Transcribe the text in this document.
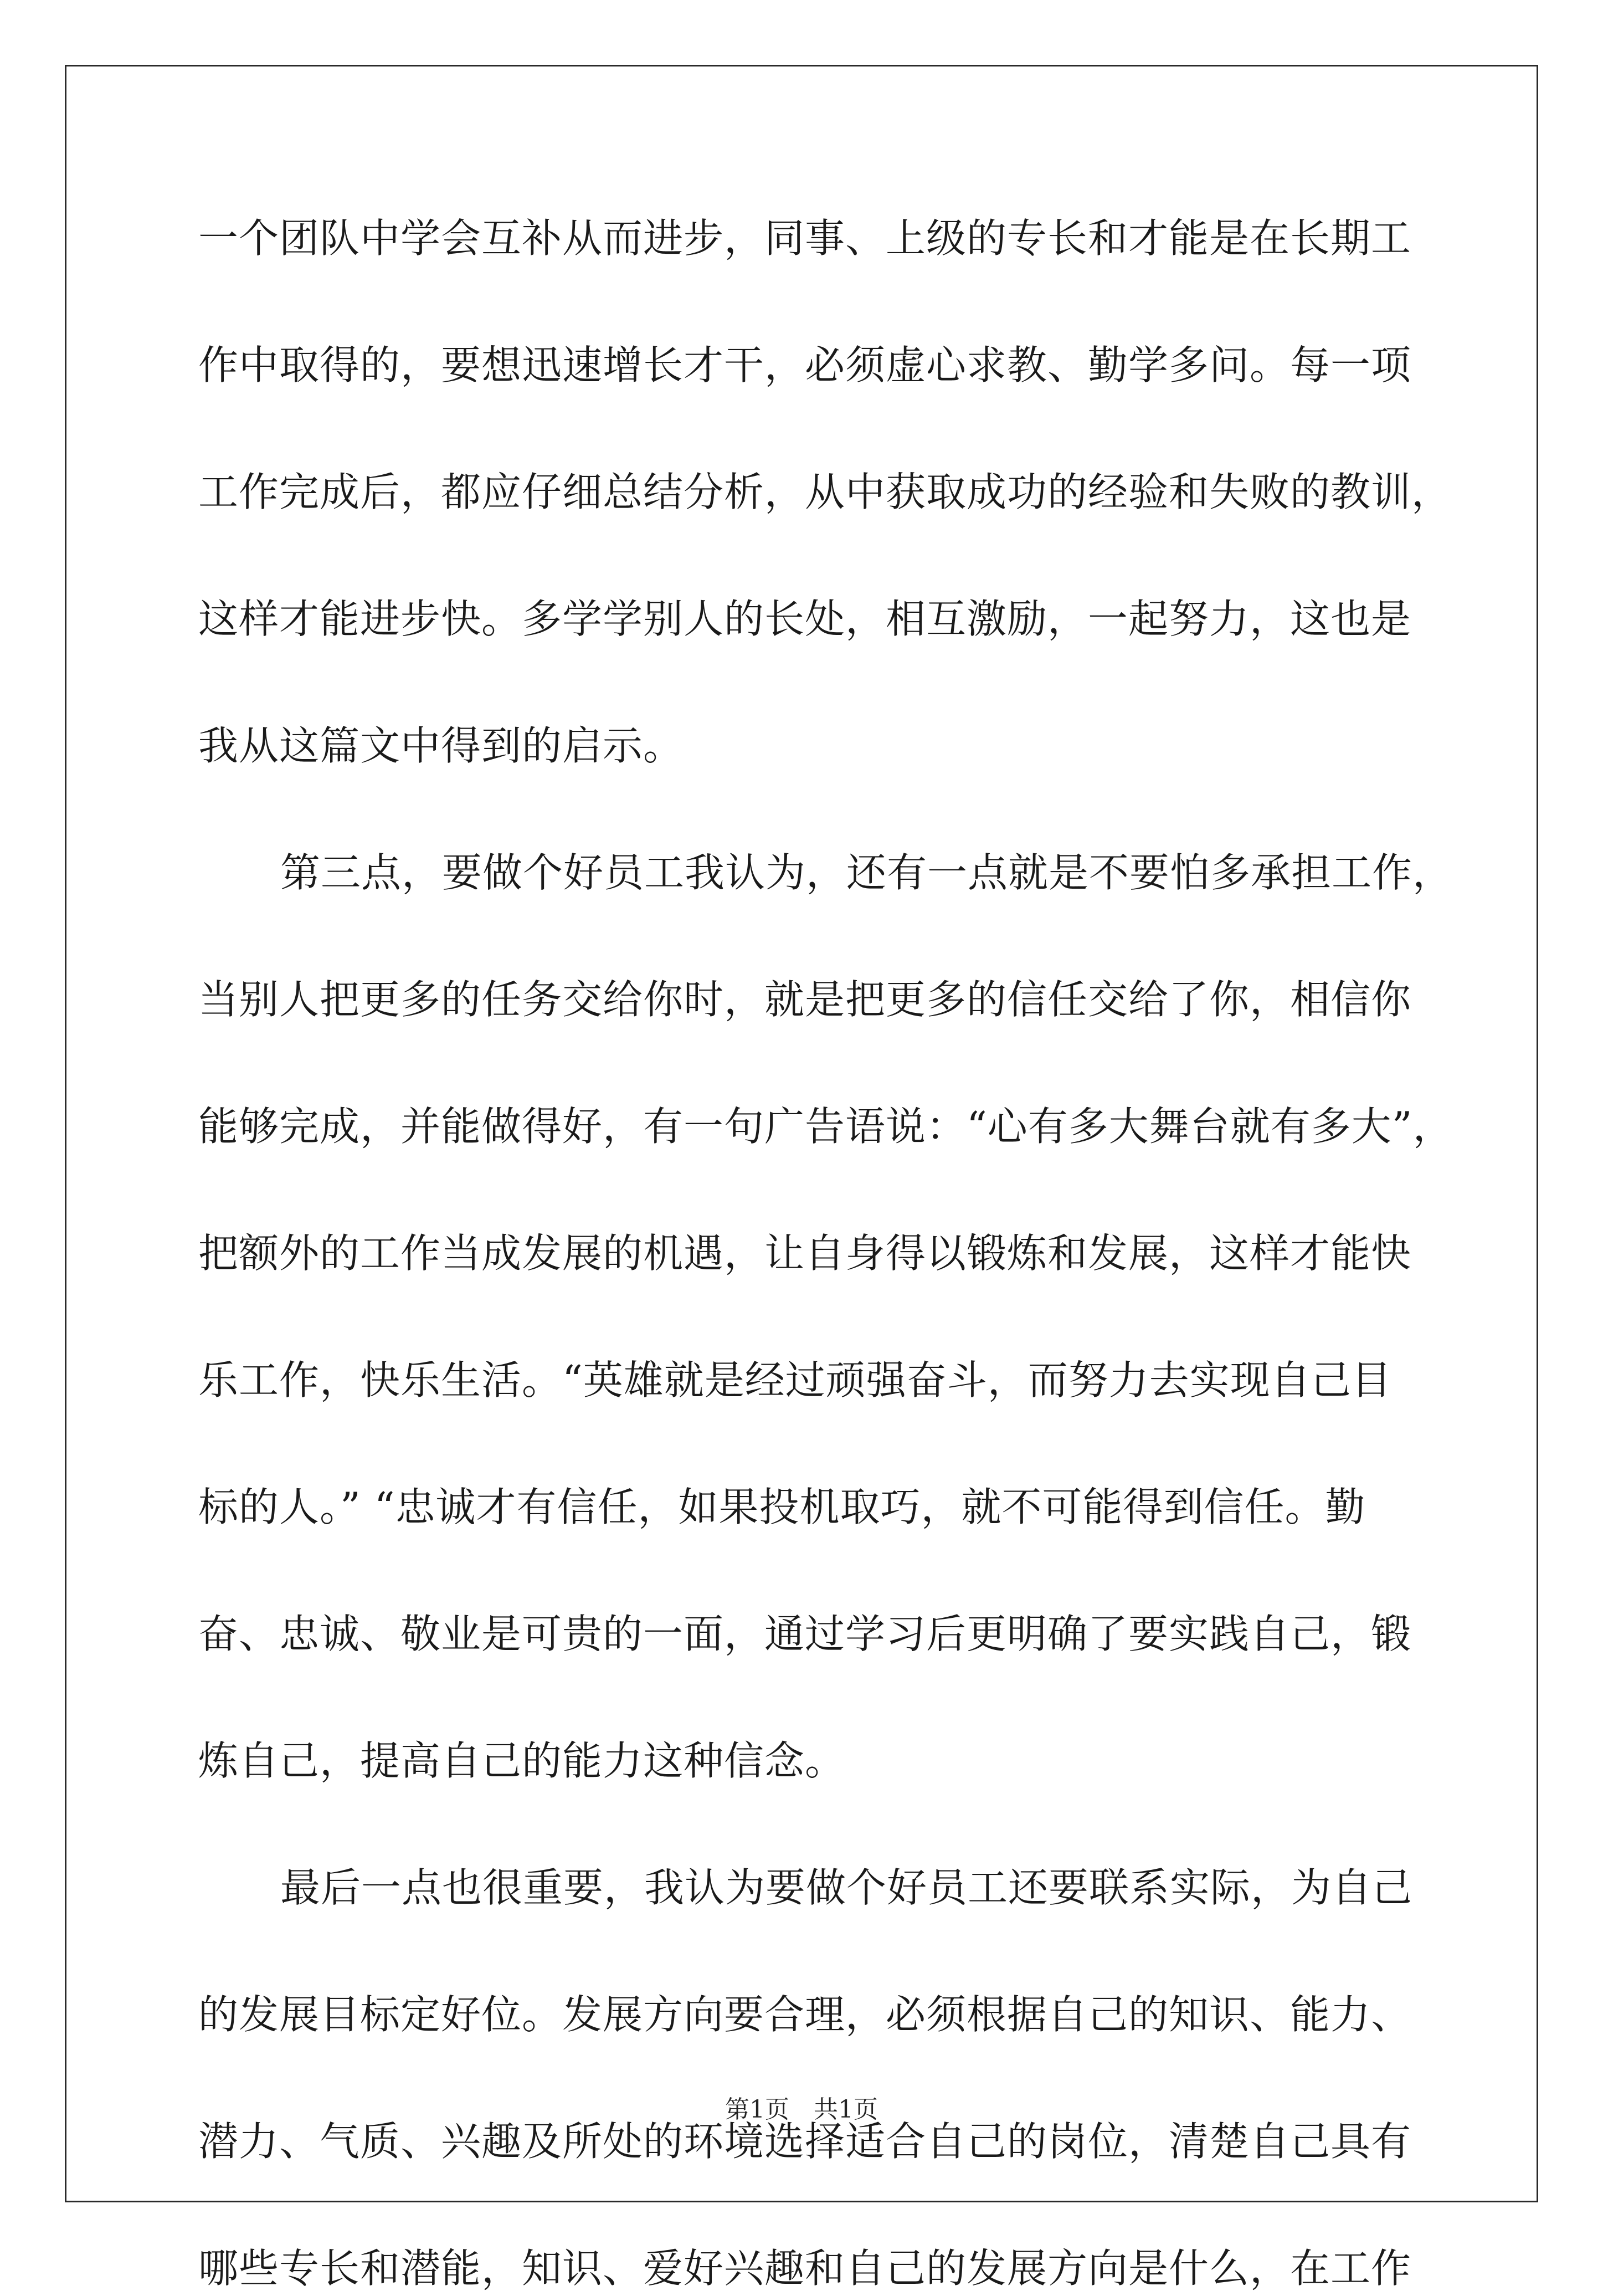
一个团队中学会互补从而进步，同事、上级的专长和才能是在长期工
作中取得的，要想迅速增长才干，必须虚心求教、勤学多问。每一项
工作完成后，都应仔细总结分析，从中获取成功的经验和失败的教训，
这样才能进步快。多学学别人的长处，相互激励，一起努力，这也是
我从这篇文中得到的启示。
第三点，要做个好员工我认为，还有一点就是不要怕多承担工作，
当别人把更多的任务交给你时，就是把更多的信任交给了你，相信你
能够完成，并能做得好，有一句广告语说：“心有多大舞台就有多大”，
把额外的工作当成发展的机遇，让自身得以锻炼和发展，这样才能快
乐工作，快乐生活。“英雄就是经过顽强奋斗，而努力去实现自己目
标的人。” “忠诚才有信任，如果投机取巧，就不可能得到信任。勤
奋、忠诚、敬业是可贵的一面，通过学习后更明确了要实践自己，锻
炼自己，提高自己的能力这种信念。
最后一点也很重要，我认为要做个好员工还要联系实际，为自己
的发展目标定好位。发展方向要合理，必须根据自己的知识、能力、
潜力、气质、兴趣及所处的环境选择适合自己的岗位，清楚自己具有
哪些专长和潜能，知识、爱好兴趣和自己的发展方向是什么，在工作
第1页　共1页
